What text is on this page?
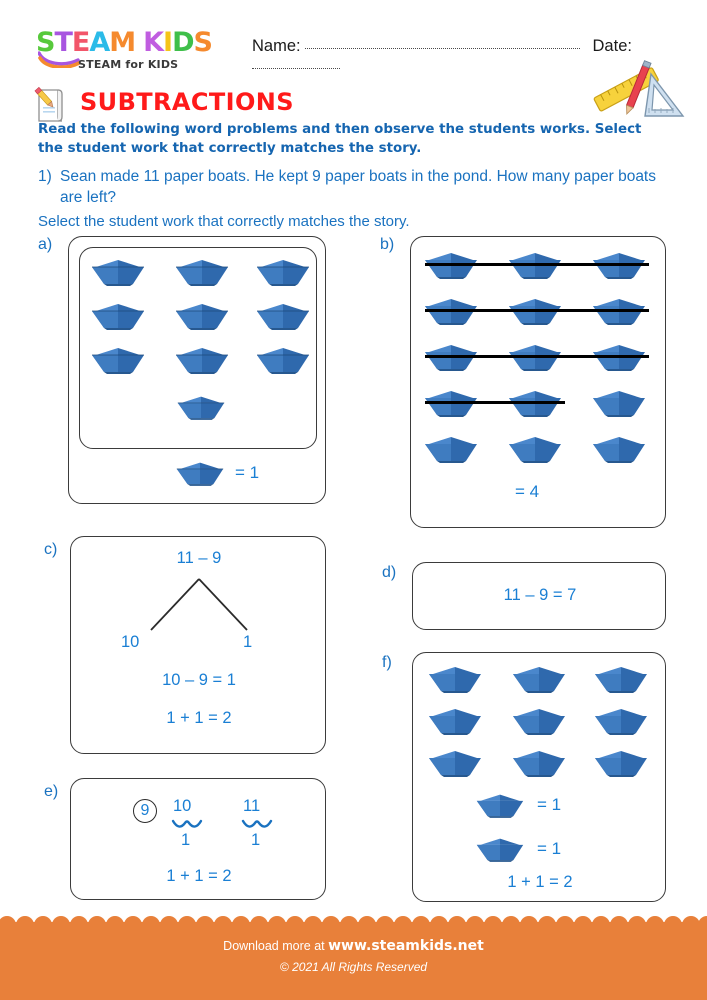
STEAM KIDS
STEAM for KIDS
Name:	Date:
SUBTRACTIONS
Read the following word problems and then observe the students works. Select the student work that correctly matches the story.
1) Sean made 11 paper boats. He kept 9 paper boats in the pond. How many paper boats are left?
Select the student work that correctly matches the story.
a)
= 1
b)
= 4
c)	11 – 9
10	1
10 – 9 = 1
1 + 1 = 2
d)
11 – 9 = 7
f)
= 1
= 1
1 + 1 = 2
e)
9	10
1
11
1
1 + 1 = 2
Download more at www.steamkids.net
© 2021 All Rights Reserved
